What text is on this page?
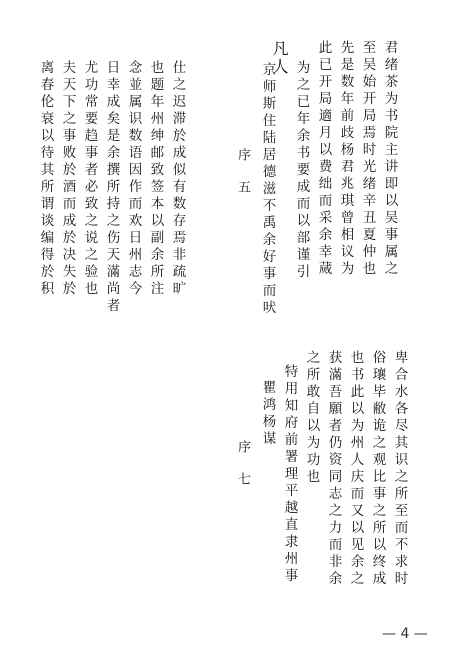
仕之迟滞於成似有数存焉非疏旷
也题年州绅邮致签本以副余所注
念並属识数语因作而欢日州志今
日幸成矣是余撰所持之伤天滿尚者
尤功常要趋事者必致之说之验也
夫天下之事败於酒而成於决失於
离春伦衰以待其所谓谈编得於积	君绪茶为书院主讲即以吴事属之
至吴始开局焉时光绪辛丑夏仲也
先是数年前歧杨君兆琪曾相议为
此已开局適月以费绌而采余幸蒇
为之已年余书要成而以部谨引
凡人
京师斯住陆居德滋不禹余好事而吠
序 五
卑合水各尽其识之所至而不求时
俗瓖毕敝诡之观比事之所以终成
也书此以为州人庆而又以见余之
获滿吾願者仍资同志之力而非余
之所敢自以为功也
特用知府前署理平越直隶州事
瞿鸿杨谋
序 七
— 4 —
